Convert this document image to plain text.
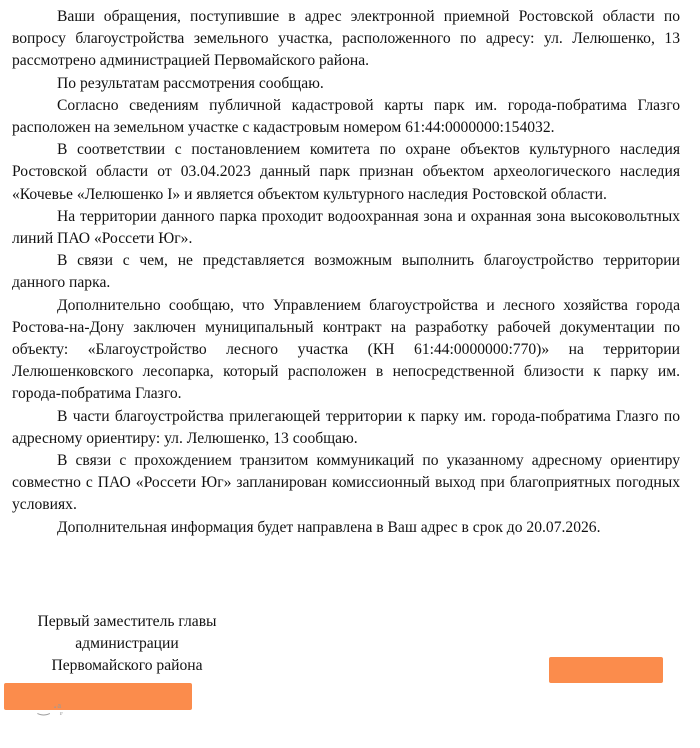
Ваши обращения, поступившие в адрес электронной приемной Ростовской области по вопросу благоустройства земельного участка, расположенного по адресу: ул. Лелюшенко, 13 рассмотрено администрацией Первомайского района.

По результатам рассмотрения сообщаю.

Согласно сведениям публичной кадастровой карты парк им. города-побратима Глазго расположен на земельном участке с кадастровым номером 61:44:0000000:154032.

В соответствии с постановлением комитета по охране объектов культурного наследия Ростовской области от 03.04.2023 данный парк признан объектом археологического наследия «Кочевье «Лелюшенко I» и является объектом культурного наследия Ростовской области.

На территории данного парка проходит водоохранная зона и охранная зона высоковольтных линий ПАО «Россети Юг».

В связи с чем, не представляется возможным выполнить благоустройство территории данного парка.

Дополнительно сообщаю, что Управлением благоустройства и лесного хозяйства города Ростова-на-Дону заключен муниципальный контракт на разработку рабочей документации по объекту: «Благоустройство лесного участка (КН 61:44:0000000:770)» на территории Лелюшенковского лесопарка, который расположен в непосредственной близости к парку им. города-побратима Глазго.

В части благоустройства прилегающей территории к парку им. города-побратима Глазго по адресному ориентиру: ул. Лелюшенко, 13 сообщаю.

В связи с прохождением транзитом коммуникаций по указанному адресному ориентиру совместно с ПАО «Россети Юг» запланирован комиссионный выход при благоприятных погодных условиях.

Дополнительная информация будет направлена в Ваш адрес в срок до 20.07.2026.

Первый заместитель главы
администрации
Первомайского района
‿ ·ᵃ᷊
